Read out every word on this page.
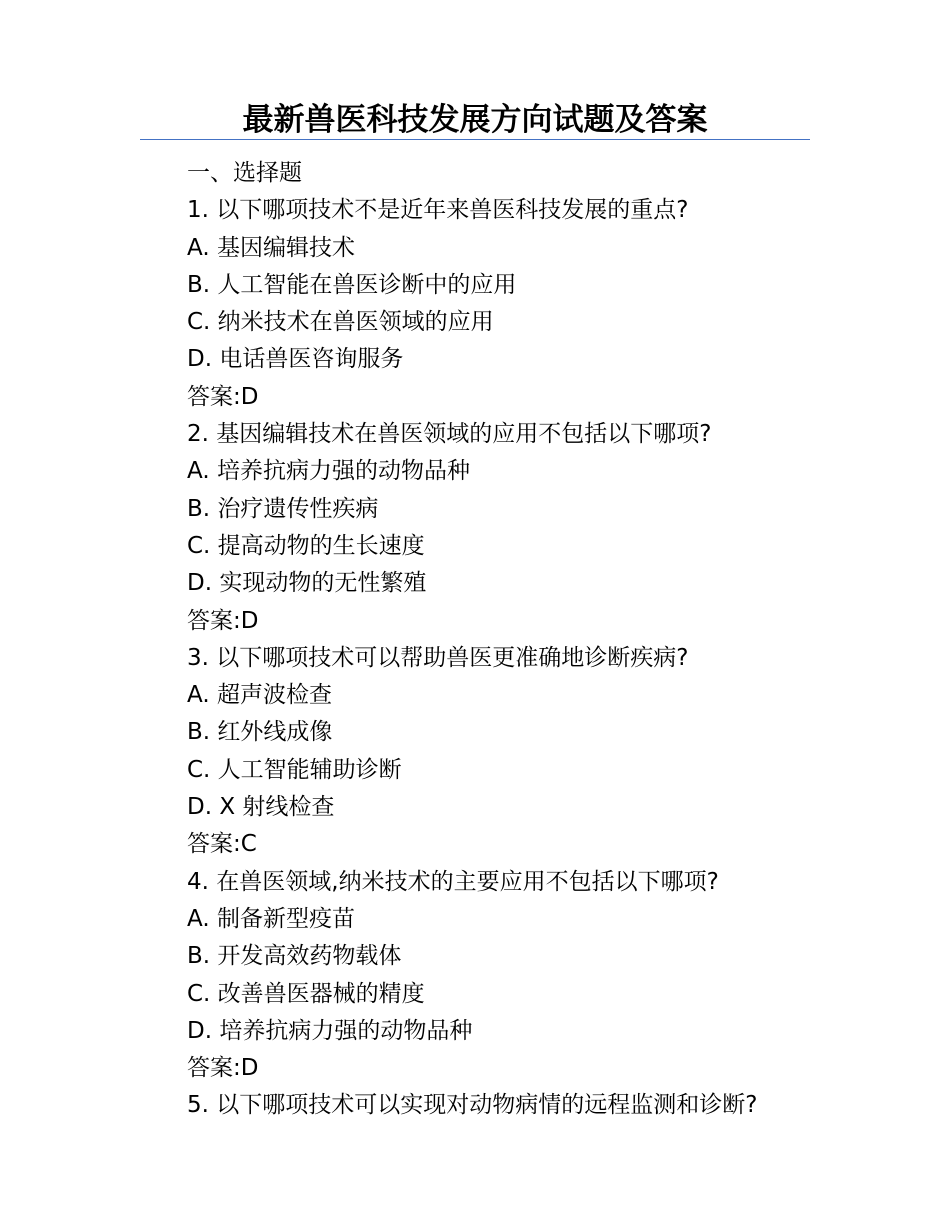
最新兽医科技发展方向试题及答案
一、选择题
1. 以下哪项技术不是近年来兽医科技发展的重点?
A. 基因编辑技术
B. 人工智能在兽医诊断中的应用
C. 纳米技术在兽医领域的应用
D. 电话兽医咨询服务
答案:D
2. 基因编辑技术在兽医领域的应用不包括以下哪项?
A. 培养抗病力强的动物品种
B. 治疗遗传性疾病
C. 提高动物的生长速度
D. 实现动物的无性繁殖
答案:D
3. 以下哪项技术可以帮助兽医更准确地诊断疾病?
A. 超声波检查
B. 红外线成像
C. 人工智能辅助诊断
D. X 射线检查
答案:C
4. 在兽医领域,纳米技术的主要应用不包括以下哪项?
A. 制备新型疫苗
B. 开发高效药物载体
C. 改善兽医器械的精度
D. 培养抗病力强的动物品种
答案:D
5. 以下哪项技术可以实现对动物病情的远程监测和诊断?
